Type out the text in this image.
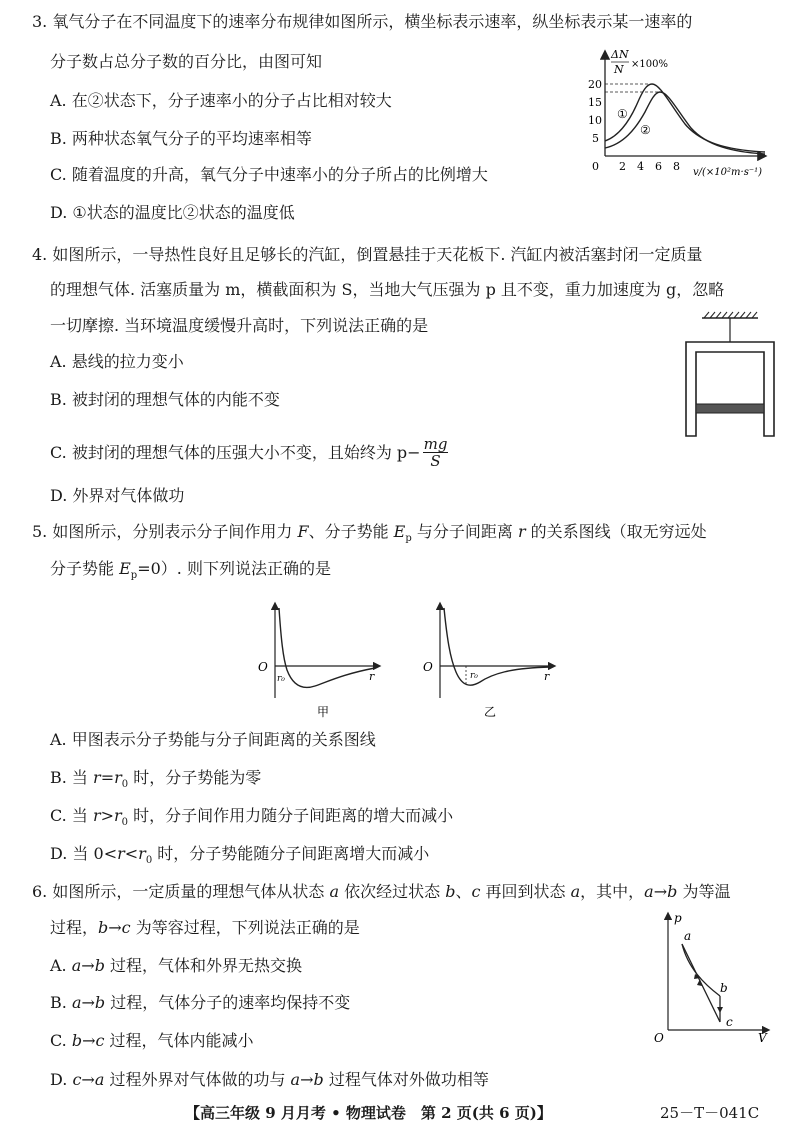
3. 氧气分子在不同温度下的速率分布规律如图所示，横坐标表示速率，纵坐标表示某一速率的
分子数占总分子数的百分比，由图可知
A. 在②状态下，分子速率小的分子占比相对较大
B. 两种状态氧气分子的平均速率相等
C. 随着温度的升高，氧气分子中速率小的分子所占的比例增大
D. ①状态的温度比②状态的温度低
ΔN
N ×100%
20
15
10
5
0 2 4 6 8 v/(×10²m·s⁻¹)
①
②
4. 如图所示，一导热性良好且足够长的汽缸，倒置悬挂于天花板下. 汽缸内被活塞封闭一定质量
的理想气体. 活塞质量为 m，横截面积为 S，当地大气压强为 p 且不变，重力加速度为 g，忽略
一切摩擦. 当环境温度缓慢升高时，下列说法正确的是
A. 悬线的拉力变小
B. 被封闭的理想气体的内能不变
C. 被封闭的理想气体的压强大小不变，且始终为 $p- \frac{mg}{S}$
D. 外界对气体做功
5. 如图所示，分别表示分子间作用力 F、分子势能 $E_p$ 与分子间距离 r 的关系图线（取无穷远处
分子势能 $E_p=0$）. 则下列说法正确的是
O
r₀	r
甲
O
r₀	r
乙
A. 甲图表示分子势能与分子间距离的关系图线
B. 当 $r=r_0$ 时，分子势能为零
C. 当 $r>r_0$ 时，分子间作用力随分子间距离的增大而减小
D. 当 $0<r<r_0$ 时，分子势能随分子间距离增大而减小
6. 如图所示，一定质量的理想气体从状态 a 依次经过状态 b、c 再回到状态 a，其中，a→b 为等温
过程，b→c 为等容过程，下列说法正确的是
A. a→b 过程，气体和外界无热交换
B. a→b 过程，气体分子的速率均保持不变
C. b→c 过程，气体内能减小
D. c→a 过程外界对气体做的功与 a→b 过程气体对外做功相等
p
V
O
a
b
c
【高三年级 9 月月考 • 物理试卷　第 2 页(共 6 页)】	25－T－041C
